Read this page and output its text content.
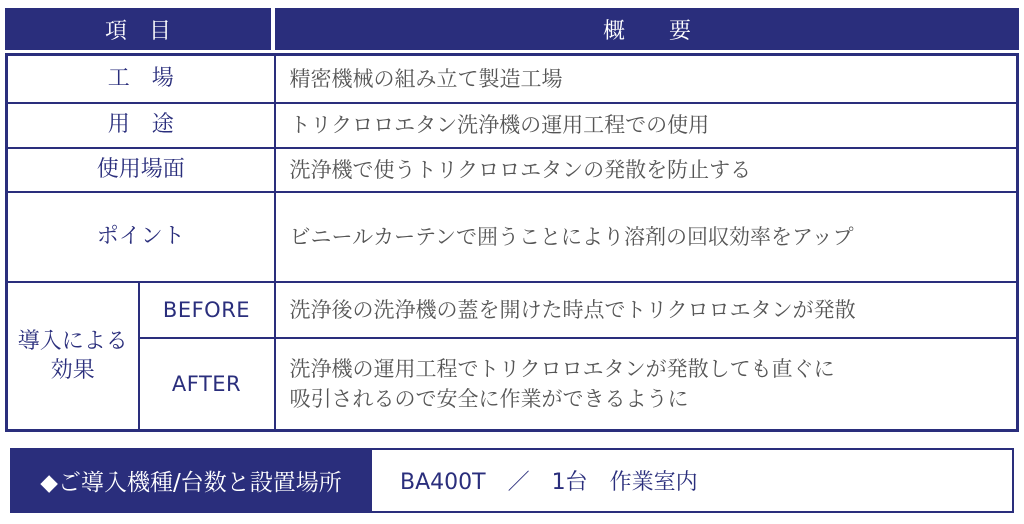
項　目	概　　要
工　場		精密機械の組み立て製造工場
用　途		トリクロロエタン洗浄機の運用工程での使用
使用場面		洗浄機で使うトリクロロエタンの発散を防止する
ポイント		ビニールカーテンで囲うことにより溶剤の回収効率をアップ

導入による
効果	BEFORE	洗浄後の洗浄機の蓋を開けた時点でトリクロロエタンが発散
	AFTER	洗浄機の運用工程でトリクロロエタンが発散しても直ぐに
吸引されるので安全に作業ができるように
◆ご導入機種/台数と設置場所	BA400T　／　1台　作業室内
